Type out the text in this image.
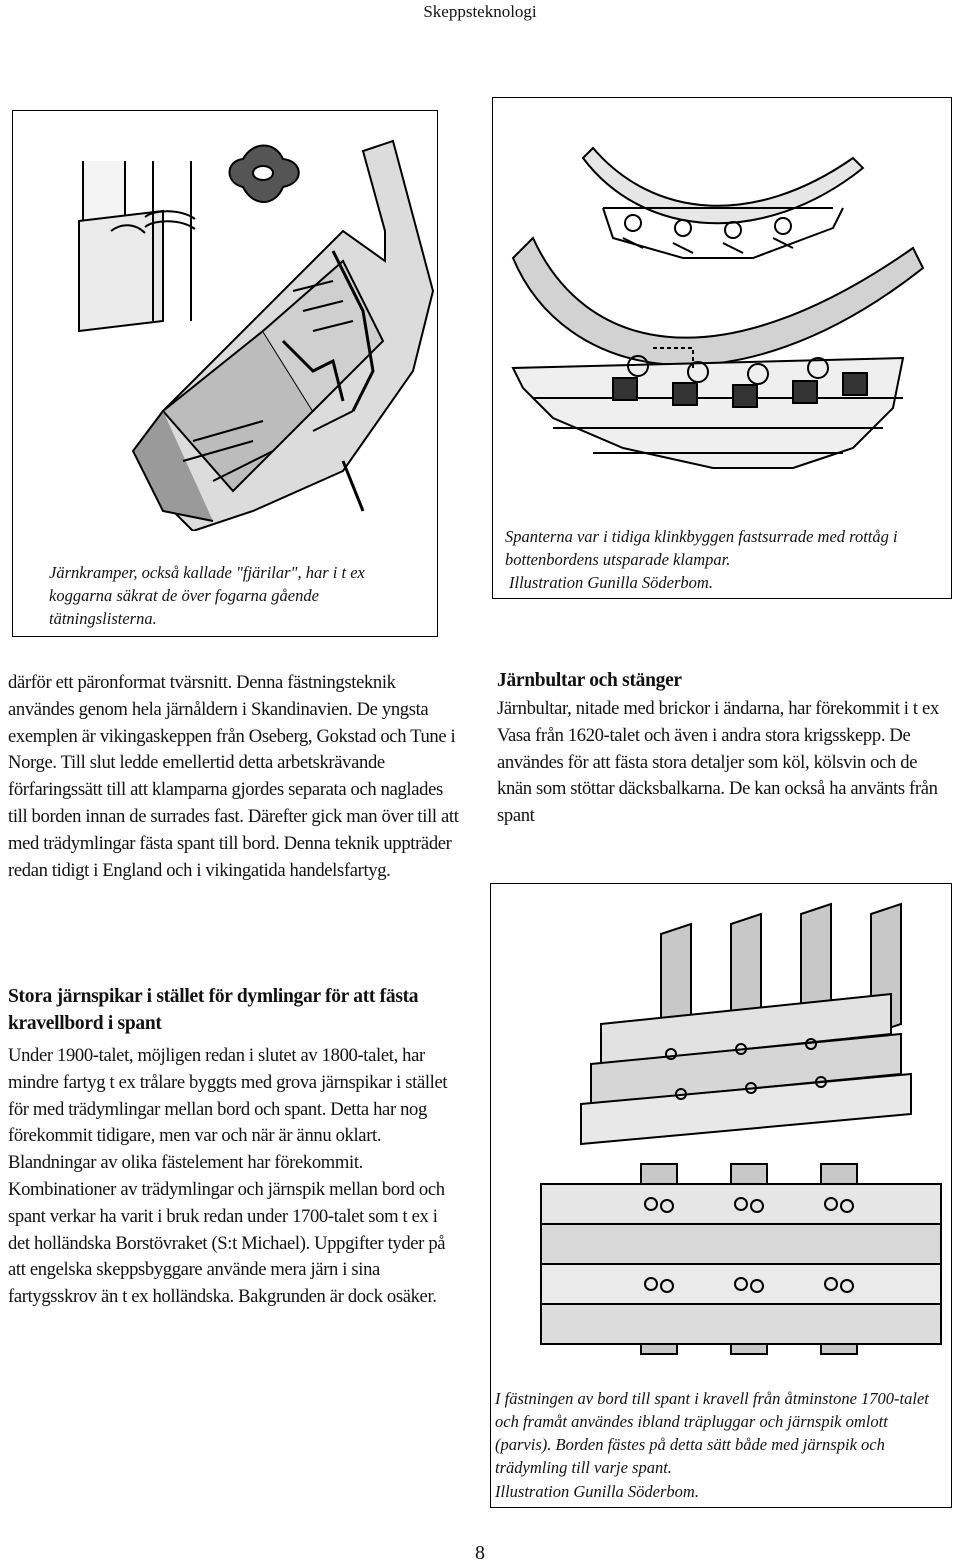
Skeppsteknologi
Järnkramper, också kallade "fjärilar", har i t ex koggarna säkrat de över fogarna gående tätningslisterna.
Spanterna var i tidiga klinkbyggen fastsurrade med rottåg i bottenbordens utsparade klampar.
Illustration Gunilla Söderbom.

därför ett päronformat tvärsnitt. Denna fästningsteknik användes genom hela järnåldern i Skandinavien. De yngsta exemplen är vikingaskeppen från Oseberg, Gokstad och Tune i Norge. Till slut ledde emellertid detta arbetskrävande förfaringssätt till att klamparna gjordes separata och naglades till borden innan de surrades fast. Därefter gick man över till att med trädymlingar fästa spant till bord. Denna teknik uppträder redan tidigt i England och i vikingatida handelsfartyg.

Stora järnspikar i stället för dymlingar för att fästa kravellbord i spant

Under 1900-talet, möjligen redan i slutet av 1800-talet, har mindre fartyg t ex trålare byggts med grova järnspikar i stället för med trädymlingar mellan bord och spant. Detta har nog förekommit tidigare, men var och när är ännu oklart.

Blandningar av olika fästelement har förekommit. Kombinationer av trädymlingar och järnspik mellan bord och spant verkar ha varit i bruk redan under 1700-talet som t ex i det holländska Borstövraket (S:t Michael). Uppgifter tyder på att engelska skeppsbyggare använde mera järn i sina fartygsskrov än t ex holländska. Bakgrunden är dock osäker.

Järnbultar och stänger

Järnbultar, nitade med brickor i ändarna, har förekommit i t ex Vasa från 1620-talet och även i andra stora krigsskepp. De användes för att fästa stora detaljer som köl, kölsvin och de knän som stöttar däcksbalkarna. De kan också ha använts från spant

I fästningen av bord till spant i kravell från åtminstone 1700-talet och framåt användes ibland träpluggar och järnspik omlott (parvis). Borden fästes på detta sätt både med järnspik och trädymling till varje spant.
Illustration Gunilla Söderbom.
8
